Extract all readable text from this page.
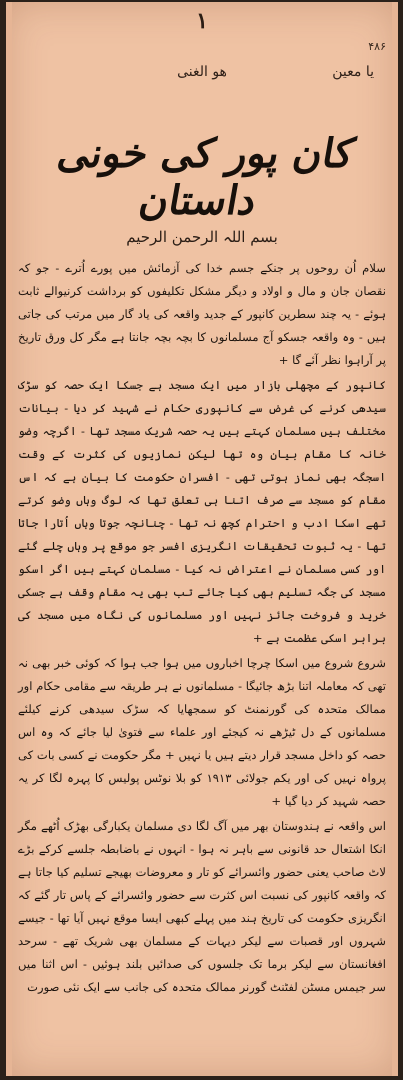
۱
۴۸۶
یا معین
ھو الغنی
کان پور کی خونی داستان
بسم اللہ الرحمن الرحیم

سلام اُن روحوں پر جنکے جسم خدا کی آزمائش میں پورے اُترے - جو کہ نقصان جان و مال و اولاد و دیگر مشکل تکلیفوں کو برداشت کرنیوالے ثابت ہوئے - یہ چند سطرین کانپور کے جدید واقعہ کی یاد گار میں مرتب کی جاتی ہیں - وہ واقعہ جسکو آج مسلمانوں کا بچہ بچہ جانتا ہے مگر کل ورق تاریخ پر آراہوا نظر آئے گا +

کانپور کے مچھلی بازار میں ایک مسجد ہے جسکا ایک حصہ کو سڑک سیدھی کرنے کی غرض سے کانپوری حکام نے شہید کر دیا - بیانات مختلف ہیں مسلمان کہتے ہیں یہ حصہ شریک مسجد تھا - اگرچہ وضو خانہ کا مقام بیان وہ تھا لیکن نمازیوں کی کثرت کے وقت اسجگہ بھی نماز ہوتی تھی - افسران حکومت کا بیان ہے کہ اس مقام کو مسجد سے صرف اتنا ہی تعلق تھا کہ لوگ وہاں وضو کرتے تھے اسکا ادب و احترام کچھ نہ تھا - چنانچہ جوتا وہاں اُتارا جاتا تھا - یہ ثبوت تحقیقات انگریزی افسر جو موقع پر وہاں چلے گئے اور کسی مسلمان نے اعتراض نہ کیا - مسلمان کہتے ہیں اگر اسکو مسجد کی جگہ تسلیم بھی کیا جائے تب بھی یہ مقام وقف ہے جسکی خرید و فروخت جائز نہیں اور مسلمانوں کی نگاہ میں مسجد کی برابر اسکی عظمت ہے +

شروع شروع میں اسکا چرچا اخباروں میں ہوا جب ہوا کہ کوئی خبر بھی نہ تھی کہ معاملہ اتنا بڑھ جائیگا - مسلمانوں نے ہر طریقہ سے مقامی حکام اور ممالک متحدہ کی گورنمنٹ کو سمجھایا کہ سڑک سیدھی کرنے کیلئے مسلمانوں کے دل ٹیڑھے نہ کیجئے اور علماء سے فتویٰ لیا جائے کہ وہ اس حصہ کو داخل مسجد قرار دیتے ہیں یا نہیں + مگر حکومت نے کسی بات کی پرواہ نہیں کی اور یکم جولائی ۱۹۱۳ کو بلا نوٹس پولیس کا پہرہ لگا کر یہ حصہ شہید کر دیا گیا +

اس واقعہ نے ہندوستان بھر میں آگ لگا دی مسلمان یکبارگی بھڑک اُٹھے مگر انکا اشتعال حد قانونی سے باہر نہ ہوا - انہوں نے باضابطہ جلسے کرکے بڑے لاٹ صاحب یعنی حضور وائسرائے کو تار و معروضات بھیجے تسلیم کیا جاتا ہے کہ واقعہ کانپور کی نسبت اس کثرت سے حضور وائسرائے کے پاس تار گئے کہ انگریزی حکومت کی تاریخ ہند میں پہلے کبھی ایسا موقع نہیں آیا تھا - جیسے شہروں اور قصبات سے لیکر دیہات کے مسلمان بھی شریک تھے - سرحد افغانستان سے لیکر برما تک جلسوں کی صدائیں بلند ہوئیں - اس اثنا میں سر جیمس مسٹن لفٹنٹ گورنر ممالک متحدہ کی جانب سے ایک نئی صورت
